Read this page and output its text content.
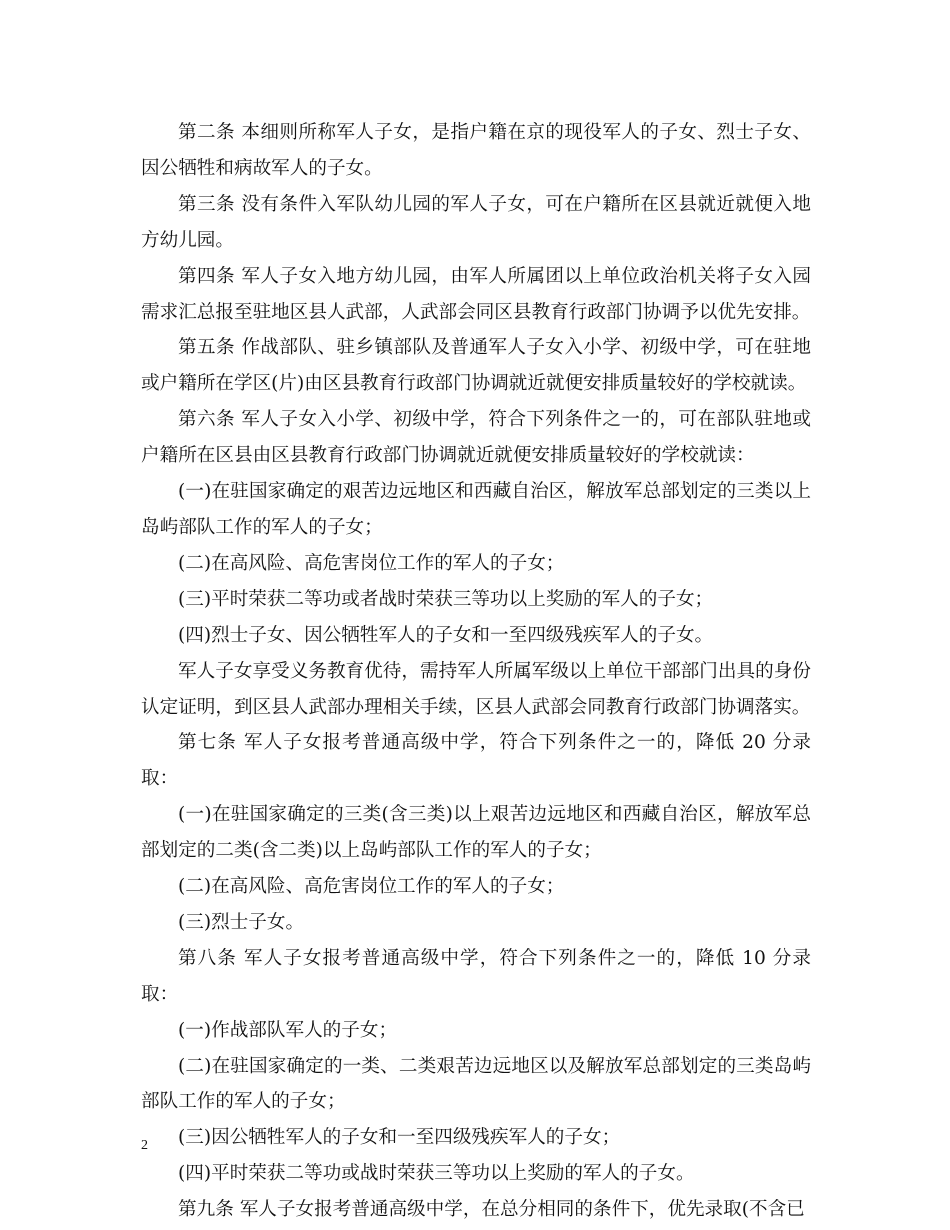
第二条 本细则所称军人子女，是指户籍在京的现役军人的子女、烈士子女、因公牺牲和病故军人的子女。

第三条 没有条件入军队幼儿园的军人子女，可在户籍所在区县就近就便入地方幼儿园。

第四条 军人子女入地方幼儿园，由军人所属团以上单位政治机关将子女入园需求汇总报至驻地区县人武部，人武部会同区县教育行政部门协调予以优先安排。

第五条 作战部队、驻乡镇部队及普通军人子女入小学、初级中学，可在驻地或户籍所在学区(片)由区县教育行政部门协调就近就便安排质量较好的学校就读。

第六条 军人子女入小学、初级中学，符合下列条件之一的，可在部队驻地或户籍所在区县由区县教育行政部门协调就近就便安排质量较好的学校就读：

(一)在驻国家确定的艰苦边远地区和西藏自治区，解放军总部划定的三类以上岛屿部队工作的军人的子女；

(二)在高风险、高危害岗位工作的军人的子女；

(三)平时荣获二等功或者战时荣获三等功以上奖励的军人的子女；

(四)烈士子女、因公牺牲军人的子女和一至四级残疾军人的子女。

军人子女享受义务教育优待，需持军人所属军级以上单位干部部门出具的身份认定证明，到区县人武部办理相关手续，区县人武部会同教育行政部门协调落实。

第七条 军人子女报考普通高级中学，符合下列条件之一的，降低 20 分录取：

(一)在驻国家确定的三类(含三类)以上艰苦边远地区和西藏自治区，解放军总部划定的二类(含二类)以上岛屿部队工作的军人的子女；

(二)在高风险、高危害岗位工作的军人的子女；

(三)烈士子女。

第八条 军人子女报考普通高级中学，符合下列条件之一的，降低 10 分录取：

(一)作战部队军人的子女；

(二)在驻国家确定的一类、二类艰苦边远地区以及解放军总部划定的三类岛屿部队工作的军人的子女；

(三)因公牺牲军人的子女和一至四级残疾军人的子女；

(四)平时荣获二等功或战时荣获三等功以上奖励的军人的子女。

第九条 军人子女报考普通高级中学，在总分相同的条件下，优先录取(不含已

2
